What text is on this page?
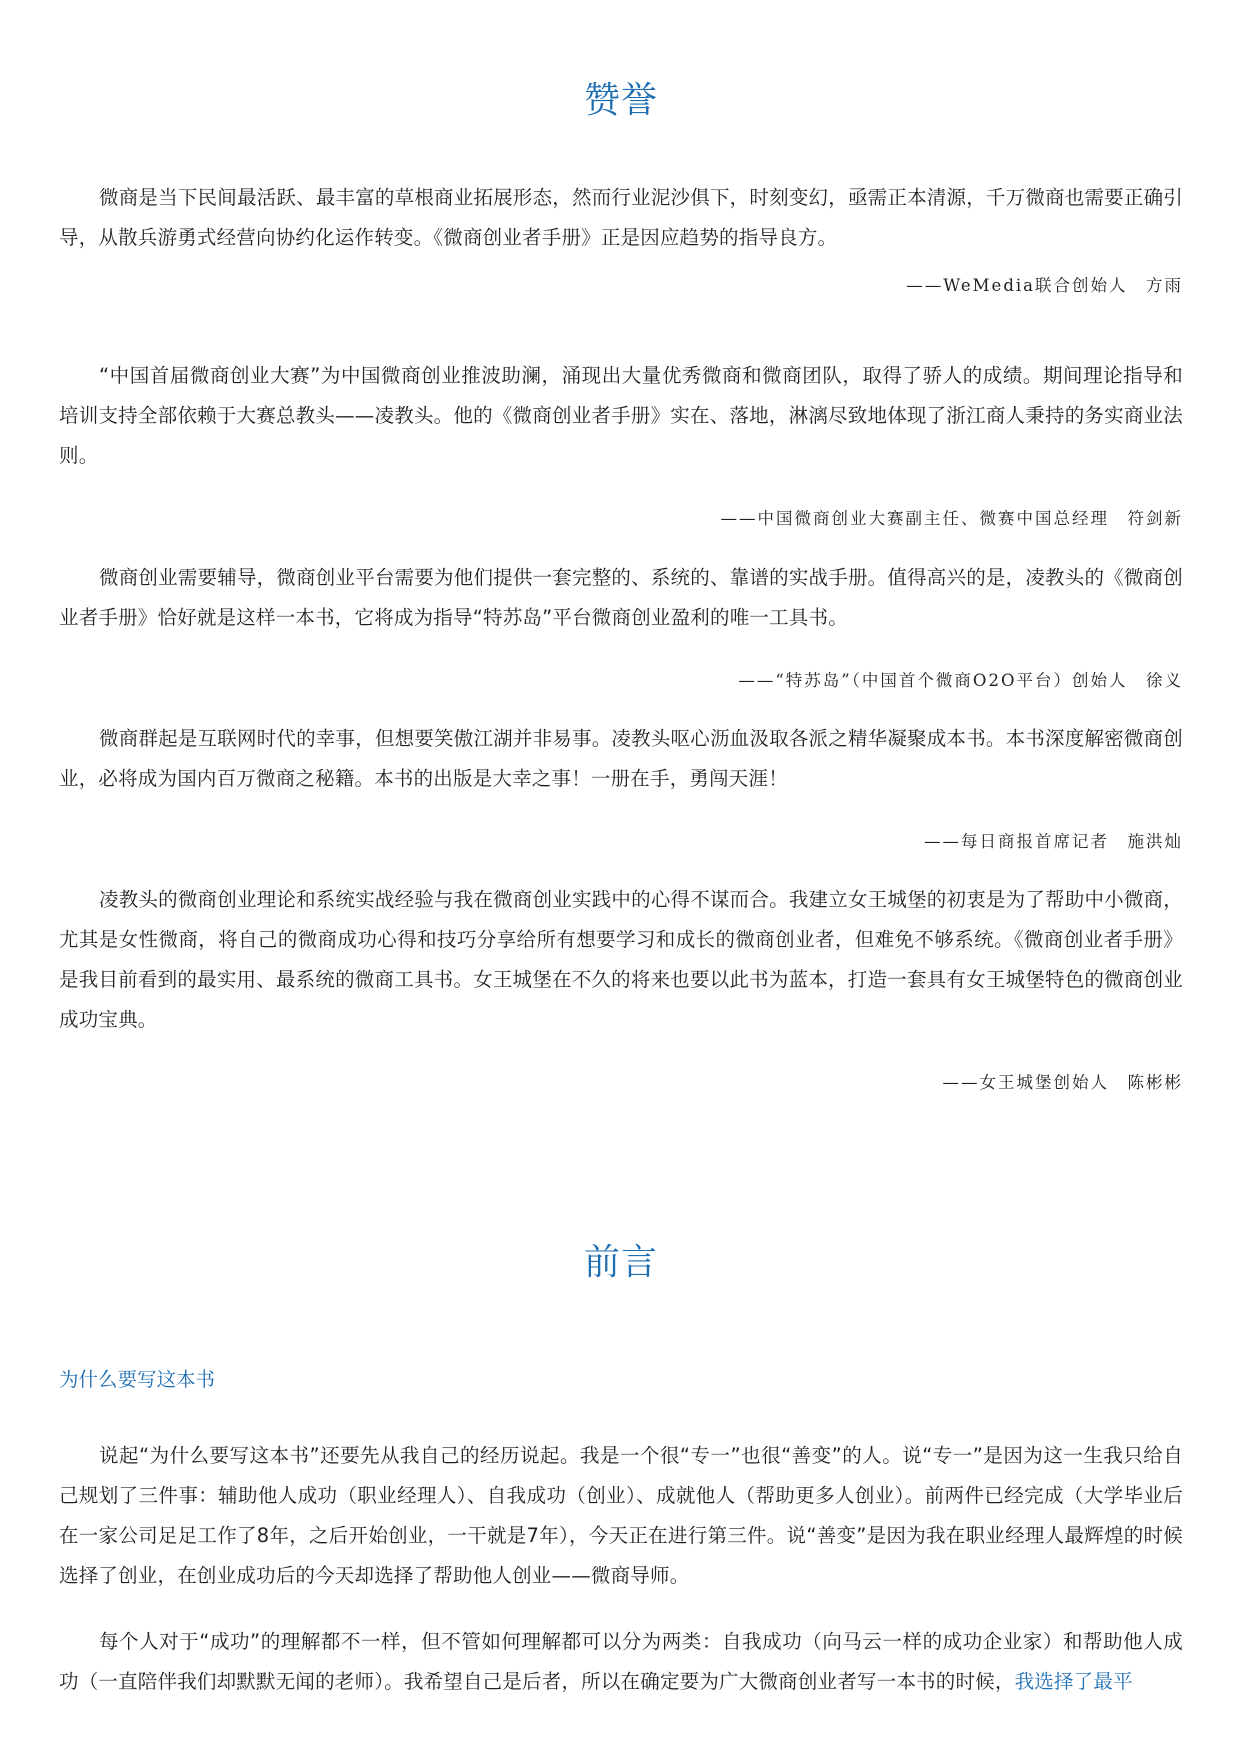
赞誉

微商是当下民间最活跃、最丰富的草根商业拓展形态，然而行业泥沙俱下，时刻变幻，亟需正本清源，千万微商也需要正确引导，从散兵游勇式经营向协约化运作转变。《微商创业者手册》正是因应趋势的指导良方。

——WeMedia联合创始人　方雨

“中国首届微商创业大赛”为中国微商创业推波助澜，涌现出大量优秀微商和微商团队，取得了骄人的成绩。期间理论指导和培训支持全部依赖于大赛总教头——凌教头。他的《微商创业者手册》实在、落地，淋漓尽致地体现了浙江商人秉持的务实商业法则。

——中国微商创业大赛副主任、微赛中国总经理　符剑新

微商创业需要辅导，微商创业平台需要为他们提供一套完整的、系统的、靠谱的实战手册。值得高兴的是，凌教头的《微商创业者手册》恰好就是这样一本书，它将成为指导“特苏岛”平台微商创业盈利的唯一工具书。

——“特苏岛”（中国首个微商O2O平台）创始人　徐义

微商群起是互联网时代的幸事，但想要笑傲江湖并非易事。凌教头呕心沥血汲取各派之精华凝聚成本书。本书深度解密微商创业，必将成为国内百万微商之秘籍。本书的出版是大幸之事！一册在手，勇闯天涯！

——每日商报首席记者　施洪灿

凌教头的微商创业理论和系统实战经验与我在微商创业实践中的心得不谋而合。我建立女王城堡的初衷是为了帮助中小微商，尤其是女性微商，将自己的微商成功心得和技巧分享给所有想要学习和成长的微商创业者，但难免不够系统。《微商创业者手册》是我目前看到的最实用、最系统的微商工具书。女王城堡在不久的将来也要以此书为蓝本，打造一套具有女王城堡特色的微商创业成功宝典。

——女王城堡创始人　陈彬彬

前言
为什么要写这本书

说起“为什么要写这本书”还要先从我自己的经历说起。我是一个很“专一”也很“善变”的人。说“专一”是因为这一生我只给自己规划了三件事：辅助他人成功（职业经理人）、自我成功（创业）、成就他人（帮助更多人创业）。前两件已经完成（大学毕业后在一家公司足足工作了8年，之后开始创业，一干就是7年），今天正在进行第三件。说“善变”是因为我在职业经理人最辉煌的时候选择了创业，在创业成功后的今天却选择了帮助他人创业——微商导师。

每个人对于“成功”的理解都不一样，但不管如何理解都可以分为两类：自我成功（向马云一样的成功企业家）和帮助他人成功（一直陪伴我们却默默无闻的老师）。我希望自己是后者，所以在确定要为广大微商创业者写一本书的时候，我选择了最平
